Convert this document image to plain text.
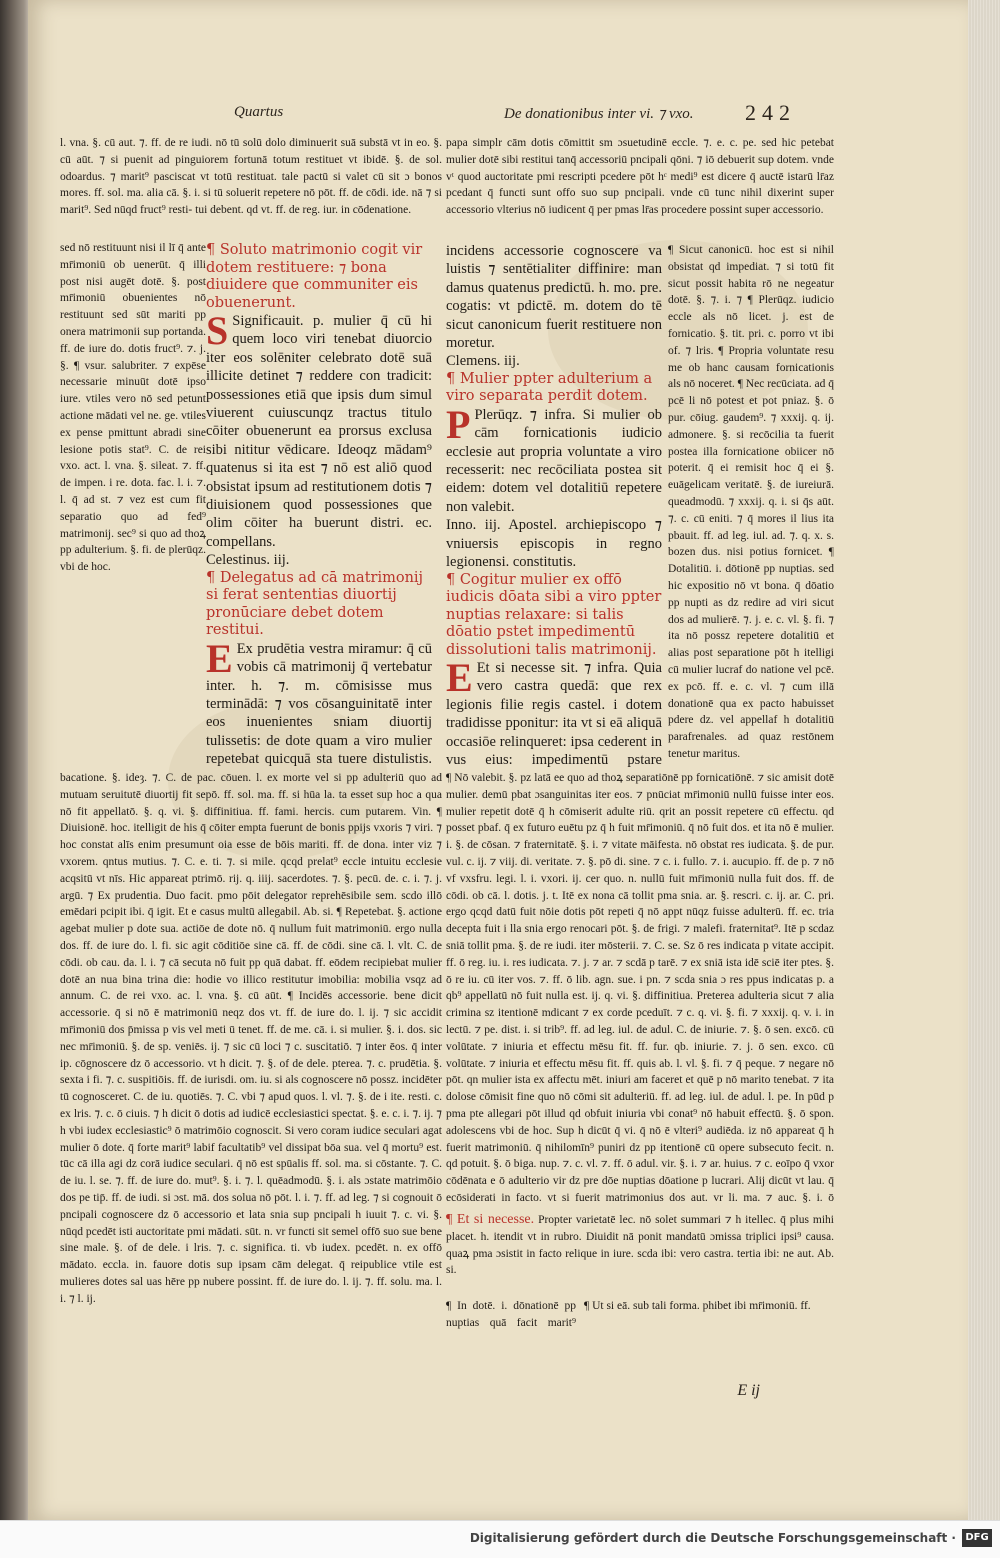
Quartus	De donationibus inter vi. ⁊ vxo. 242
l. vna. §. cū aut. ⁊. ff. de re iudi. nō tū solū dolo diminuerit suā substā vt in eo. §. cū aūt. ⁊ si puenit ad pinguiorem fortunā totum restituet vt ibidē. §. de sol. odoardus. ⁊ marit⁹ pasciscat vt totū restituat. tale pactū si valet cū sit ɔ bonos mores. ff. sol. ma. alia cā. §. i. si tū soluerit repetere nō pōt. ff. de cōdi. ide. nā ⁊ si marit⁹. Sed nūqd fruct⁹ resti- tui debent. qd vt. ff. de reg. iur. in cōdenatione.
papa simplr cām dotis cōmittit sm ɔsuetudinē eccle. ⁊. e. c. pe. sed hic petebat mulier dotē sibi restitui tanq̄ accessoriū pncipali qōni. ⁊ iō debuerit sup dotem. vnde vᵗ quod auctoritate pmi rescripti pcedere pōt hᶜ medi⁹ est dicere q̄ auctē istarū lr̄az pcedant q̄ functi sunt offo suo sup pncipali. vnde cū tunc nihil dixerint super accessorio vlterius nō iudicent q̄ per pmas lr̄as procedere possint super accessorio.
sed nō restituunt nisi il lī q̄ ante mr̄imoniū ob uenerūt. q̄ illi post nisi augēt dotē. §. post mr̄imoniū obuenientes nō restituunt sed sūt mariti pp onera matrimonii sup portanda. ff. de iure do. dotis fruct⁹. ⁊. j. §. ¶ vsur. salubriter. ⁊ expēse necessarie minuūt dotē ipso iure. vtiles vero nō sed petunt actione mādati vel ne. ge. vtiles ex pense pmittunt abradi sine lesione potis stat⁹. C. de rei vxo. act. l. vna. §. sileat. ⁊. ff. de impen. i re. dota. fac. l. i. ⁊. l. q̄ ad st. ⁊ vez est cum fit separatio quo ad fed⁹ matrimonij. sec⁹ si quo ad thoꝝ pp adulterium. §. fi. de plerūqz. vbi de hoc.

¶ Soluto matrimonio cogit vir dotem restituere: ⁊ bona diuidere que communiter eis obuenerunt.

S Significauit. p. mulier q̄ cū hi quem loco viri tenebat diuorcio iter eos solēniter celebrato dotē suā illicite detinet ⁊ reddere con tradicit: possessiones etiā que ipsis dum simul viuerent cuiuscunqz tractus titulo cōiter obuenerunt ea prorsus exclusa sibi nititur vēdicare. Ideoqz mādam⁹ quatenus si ita est ⁊ nō est aliō quod obsistat ipsum ad restitutionem dotis ⁊ diuisionem quod possessiones que olim cōiter ha buerunt distri. ec. compellans.

Celestinus. iij.

¶ Delegatus ad cā matrimonij si ferat sententias diuortij pronūciare debet dotem restitui.

E Ex prudētia vestra miramur: q̄ cū vobis cā matrimonij q̄ vertebatur inter. h. ⁊. m. cōmisisse mus terminādā: ⁊ vos cōsanguinitatē inter eos inuenientes sniam diuortij tulissetis: de dote quam a viro mulier repetebat quicquā sta tuere distulistis.

incidens accessorie cognoscere va luistis ⁊ sentētialiter diffinire: man damus quatenus predictū. h. mo. pre. cogatis: vt pdictē. m. dotem do tē sicut canonicum fuerit restituere non moretur.

Clemens. iij.

¶ Mulier ppter adulterium a viro separata perdit dotem.

P Plerūqz. ⁊ infra. Si mulier ob cām fornicationis iudicio ecclesie aut propria voluntate a viro recesserit: nec recōciliata postea sit eidem: dotem vel dotalitiū repetere non valebit.

Inno. iij. Apostel. archiepiscopo ⁊ vniuersis episcopis in regno legionensi. constitutis.

¶ Cogitur mulier ex offō iudicis dōata sibi a viro ppter nuptias relaxare: si talis dōatio pstet impedimentū dissolutioni talis matrimonij.

E Et si necesse sit. ⁊ infra. Quia vero castra quedā: que rex legionis filie regis castel. i dotem tradidisse pponitur: ita vt si eā aliquā occasiōe relinqueret: ipsa cederent in vus eius: impedimentū pstare

¶ Sicut canonicū. hoc est si nihil obsistat qd impediat. ⁊ si totū fit sicut possit habita rō ne negeatur dotē. §. ⁊. i. ⁊ ¶ Plerūqz. iudicio eccle als nō licet. j. est de fornicatio. §. tit. pri. c. porro vt ibi of. ⁊ lris. ¶ Propria voluntate resu me ob hanc causam fornicationis als nō noceret. ¶ Nec recūciata. ad q̄ pcē li nō potest et pot pniaz. §. ō pur. cōiug. gaudem⁹. ⁊ xxxij. q. ij. admonere. §. si recōcilia ta fuerit postea illa fornicatione obiicer nō poterit. q̄ ei remisit hoc q̄ ei §. euāgelicam veritatē. §. de iureiurā. queadmodū. ⁊ xxxij. q. i. si q̄s aūt. ⁊. c. cū eniti. ⁊ q̄ mores il lius ita pbauit. ff. ad leg. iul. ad. ⁊. q. x. s. bozen dus. nisi potius fornicet. ¶ Dotalitiū. i. dōtionē pp nuptias. sed hic expositio nō vt bona. q̄ dōatio pp nupti as dz redire ad viri sicut dos ad mulierē. ⁊. j. e. c. vl. §. fi. ⁊ ita nō possz repetere dotalitiū et alias post separatione pōt h itelligi cū mulier lucraf do natione vel pcē. ex pcō. ff. e. c. vl. ⁊ cum illā donationē qua ex pacto habuisset pdere dz. vel appellaf h dotalitiū parafrenales. ad quaz restōnem tenetur maritus.
bacatione. §. ideȝ. ⁊. C. de pac. cōuen. l. ex morte vel si pp adulteriū quo ad mutuam seruitutē diuortij fit sepō. ff. sol. ma. ff. si hūa la. ta esset sup hoc a qua nō fit appellatō. §. q. vi. §. diffinitiua. ff. fami. hercis. cum putarem. Vin. ¶ Diuisionē. hoc. itelligit de his q̄ cōiter empta fuerunt de bonis ppijs vxoris ⁊ viri. ⁊ hoc constat alīs enim presumunt oia esse de bōis mariti. ff. de dona. inter viz ⁊ vxorem. qntus mutius. ⁊. C. e. ti. ⁊. si mile. qcqd prelat⁹ eccle intuitu ecclesie acqsitū vt nīs. Hic appareat ptrimō. rij. q. iiij. sacerdotes. ⁊. §. pecū. de. c. i. ⁊. j. argū. ⁊ Ex prudentia. Duo facit. pmo pōit delegator reprehēsibile sem. scdo illō emēdari pcipit ibi. q̄ igit. Et e casus multū allegabil. Ab. si. ¶ Repetebat. §. actione agebat mulier p dote sua. actiōe de dote nō. q̄ nullum fuit matrimoniū. ergo nulla dos. ff. de iure do. l. fi. sic agit cōditiōe sine cā. ff. de cōdi. sine cā. l. vlt. C. de cōdi. ob cau. da. l. i. ⁊ cā secuta nō fuit pp quā dabat. ff. eōdem recipiebat mulier dotē an nua bina trina die: hodie vo illico restitutur imobilia: mobilia vsqz ad annum. C. de rei vxo. ac. l. vna. §. cū aūt. ¶ Incidēs accessorie. bene dicit accessorie. q̄ si nō ē matrimoniū neqz dos vt. ff. de iure do. l. ij. ⁊ sic accidit mr̄imoniū dos p̄missa p vis vel meti ū tenet. ff. de me. cā. i. si mulier. §. i. dos. sic nec mr̄imoniū. §. de sp. veniēs. ij. ⁊ sic cū loci ⁊ c. suscitatiō. ⁊ inter ēos. q̄ inter ip. cōgnoscere dz ō accessorio. vt h dicit. ⁊. §. of de dele. pterea. ⁊. c. prudētia. §. sexta i fi. ⁊. c. suspitiōis. ff. de iurisdi. om. iu. si als cognoscere nō possz. incidēter tū cognosceret. C. de iu. quotiēs. ⁊. C. vbi ⁊ apud quos. l. vl. ⁊. §. de i ite. resti. c. ex lris. ⁊. c. ō ciuis. ⁊ h dicit ō dotis ad iudicē ecclesiastici spectat. §. e. c. i. ⁊. ij. ⁊ h vbi iudex ecclesiastic⁹ ō matrimōio cognoscit. Si vero coram iudice seculari agat mulier ō dote. q̄ forte marit⁹ labif facultatib⁹ vel dissipat bōa sua. vel q̄ mortu⁹ est. tūc cā illa agi dz corā iudice seculari. q̄ nō est spūalis ff. sol. ma. si cōstante. ⁊. C. de iu. l. se. ⁊. ff. de iure do. mut⁹. §. i. ⁊. l. quēadmodū. §. i. als ɔstate matrimōio dos pe tip̄. ff. de iudi. si ɔst. mā. dos solua nō pōt. l. i. ⁊. ff. ad leg. ⁊ si cognouit ō pncipali cognoscere dz ō accessorio et lata snia sup pncipali h iuuit ⁊. c. vi. §. nūqd pcedēt isti auctoritate pmi mādati. sūt. n. vr functi sit semel offō suo sue bene sine male. §. of de dele. i lris. ⁊. c. significa. ti. vb iudex. pcedēt. n. ex offō mādato. eccla. in. fauore dotis sup ipsam cām delegat. q̄ reipublice vtile est mulieres dotes sal uas hēre pp nubere possint. ff. de iure do. l. ij. ⁊. ff. solu. ma. l. i. ⁊ l. ij.
¶ Nō valebit. §. pz latā ee quo ad thoꝝ separatiōnē pp fornicatiōnē. ⁊ sic amisit dotē mulier. demū pbat ɔsanguinitas iter eos. ⁊ pnūciat mr̄imoniū nullū fuisse inter eos. mulier repetit dotē q̄ h cōmiserit adulte riū. qrit an possit repetere cū effectu. qd posset pbaf. q̄ ex futuro euētu pz q̄ h fuit mr̄imoniū. q̄ nō fuit dos. et ita nō ē mulier. i. §. de cōsan. ⁊ fraternitatē. §. i. ⁊ vitate māifesta. nō obstat res iudicata. §. de pur. vul. c. ij. ⁊ viij. di. veritate. ⁊. §. pō di. sine. ⁊ c. i. fullo. ⁊. i. aucupio. ff. de p. ⁊ nō vf vxsfru. legi. l. i. vxori. ij. cer quo. n. nullū fuit mr̄imoniū nulla fuit dos. ff. de cōdi. ob cā. l. dotis. j. t. Itē ex nona cā tollit pma snia. ar. §. rescri. c. ij. ar. C. pri. ergo qcqd datū fuit nōie dotis pōt repeti q̄ nō appt nūqz fuisse adulterū. ff. ec. tria decepta fuit i lla snia ergo renocari pōt. §. de frigi. ⁊ malefi. fraternitat⁹. Itē p scdaz sniā tollit pma. §. de re iudi. iter mōsterii. ⁊. C. se. Sz ō res indicata p vitate accipit. ff. ō reg. iu. i. res iudicata. ⁊. j. ⁊ ar. ⁊ scdā p tarē. ⁊ ex sniā ista idē sciē iter ptes. §. ō re iu. cū iter vos. ⁊. ff. ō lib. agn. sue. i pn. ⁊ scda snia ɔ res ppus indicatas p. a qb⁹ appellatū nō fuit nulla est. ij. q. vi. §. diffinitiua. Preterea adulteria sicut ⁊ alia crimina sz itentionē mdicant ⁊ ex corde pceduīt. ⁊ c. q. vi. §. fi. ⁊ xxxij. q. v. i. in lectū. ⁊ pe. dist. i. si trib⁹. ff. ad leg. iul. de adul. C. de iniurie. ⁊. §. ō sen. excō. cū volūtate. ⁊ iniuria et effectu mēsu fit. ff. fur. qb. iniurie. ⁊. j. ō sen. exco. cū volūtate. ⁊ iniuria et effectu mēsu fit. ff. quis ab. l. vl. §. fi. ⁊ q̄ peque. ⁊ negare nō pōt. qn mulier ista ex affectu mēt. iniuri am faceret et quē p nō marito tenebat. ⁊ ita dolose cōmisit fine quo nō cōmi sit adulteriū. ff. ad leg. iul. de adul. l. pe. In pūd p pma pte allegari pōt illud qd obfuit iniuria vbi conat⁹ nō habuit effectū. §. ō spon. adolescens vbi de hoc. Sup h dicūt q̄ vi. q̄ nō ē vlteri⁹ audiēda. iz nō appareat q̄ h fuerit matrimoniū. q̄ nihilomīn⁹ puniri dz pp itentionē cū opere subsecuto fecit. n. qd potuit. §. ō biga. nup. ⁊. c. vl. ⁊. ff. ō adul. vir. §. i. ⁊ ar. huius. ⁊ c. eoīpo q̄ vxor cōdēnata e ō adulterio vir dz pre dōe nuptias dōatione p lucrari. Alij dicūt vt lau. q̄ ecōsiderati in facto. vt si fuerit matrimonius dos aut. vr li. ma. ⁊ auc. §. i. ō
¶ Et si necesse. Propter varietatē lec. nō solet summari ⁊ h itellec. q̄ plus mihi placet. h. itendit vt in rubro. Diuidit nā ponit mandatū ɔmissa triplici ipsi⁹ causa. quaꝝ pma ɔsistit in facto relique in iure. scda ibi: vero castra. tertia ibi: ne aut. Ab. si.
¶ In dotē. i. dōnationē pp nuptias quā facit marit⁹
¶ Ut si eā. sub tali forma. phibet ibi mr̄imoniū. ff.
E ij
Digitalisierung gefördert durch die Deutsche Forschungsgemeinschaft · DFG
